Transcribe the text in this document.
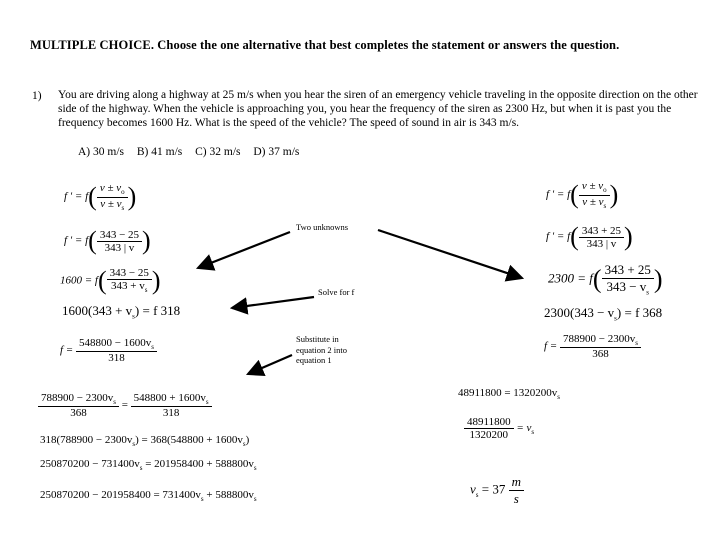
MULTIPLE CHOICE. Choose the one alternative that best completes the statement or answers the question.
1) You are driving along a highway at 25 m/s when you hear the siren of an emergency vehicle traveling in the opposite direction on the other side of the highway. When the vehicle is approaching you, you hear the frequency of the siren as 2300 Hz, but when it is past you the frequency becomes 1600 Hz. What is the speed of the vehicle? The speed of sound in air is 343 m/s.
A) 30 m/s B) 41 m/s C) 32 m/s D) 37 m/s
Two unknowns
Solve for f
Substitute in equation 2 into equation 1
f ' = $f( \frac{v \pm v_o}{v \pm v_s}$ )
f ' = $f( \frac{343 - 25}{343 | v}$ )
$1600 = f( \frac{343 - 25}{343 + v_s}$ )
$1600(343 + v_s) = f$ 318
$f = \frac{548800 - 1600v_s}{318}$
$\frac{788900 - 2300v_s}{368} = \frac{548800 + 1600v_s}{318}$
$318(788900 - 2300v_s) = 368(548800 + 1600v_s)$
$250870200 - 731400v_s = 201958400 + 588800v_s$
$250870200 - 201958400 = 731400v_s + 588800v_s$
f ' = $f( \frac{v \pm v_o}{v \pm v_s}$ )
f ' = $f( \frac{343 + 25}{343 | v}$ )
$2300 = f( \frac{343 + 25}{343 - v_s}$ )
$2300(343 - v_s) = f$ 368
$f = \frac{788900 - 2300v_s}{368}$
$48911800 = 1320200v_s$
$\frac{48911800}{1320200} = v_s$
$v_s = 37 \frac{m}{s}$
